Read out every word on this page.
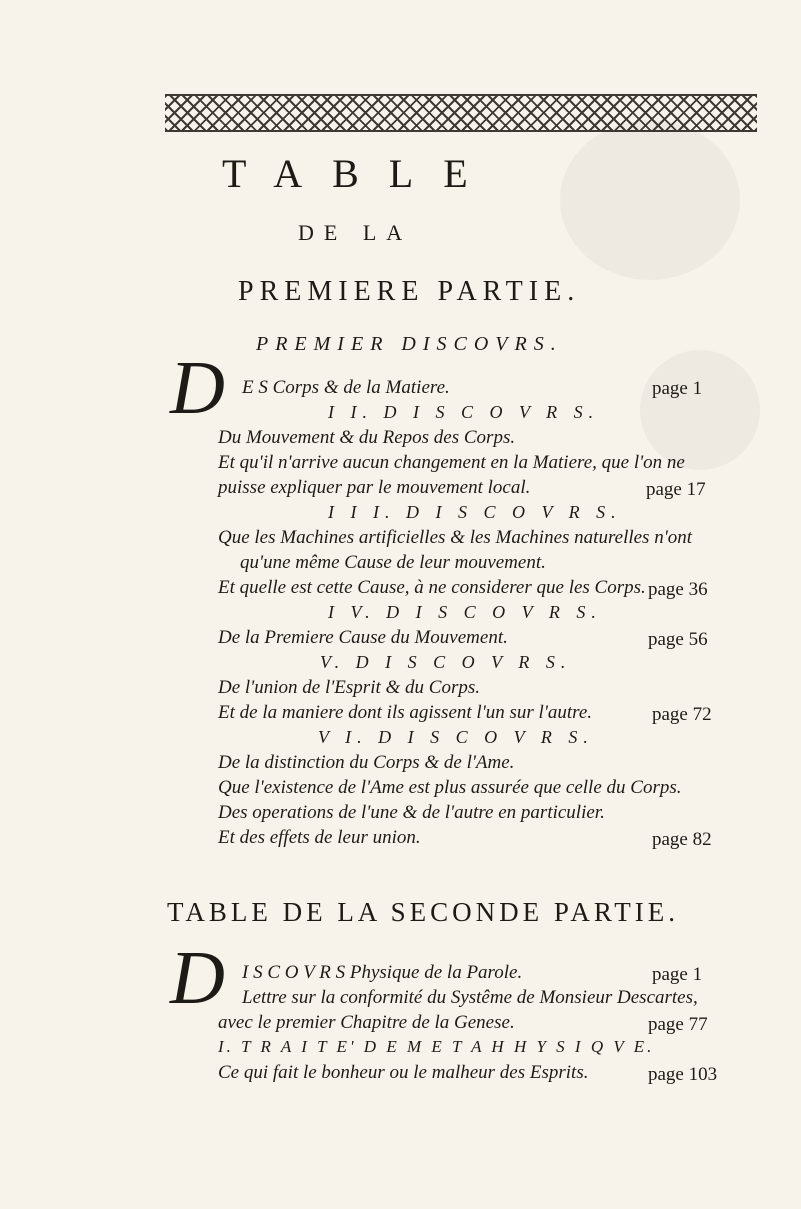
TABLE
DE LA
PREMIERE PARTIE.
PREMIER DISCOVRS.
D E S Corps & de la Matiere.	page 1
I I. D I S C O V R S.
Du Mouvement & du Repos des Corps.
Et qu'il n'arrive aucun changement en la Matiere, que l'on ne
puisse expliquer par le mouvement local.	page 17
I I I. D I S C O V R S.
Que les Machines artificielles & les Machines naturelles n'ont
qu'une même Cause de leur mouvement.
Et quelle est cette Cause, à ne considerer que les Corps. page 36
I V. D I S C O V R S.
De la Premiere Cause du Mouvement.	page 56
V. D I S C O V R S.
De l'union de l'Esprit & du Corps.
Et de la maniere dont ils agissent l'un sur l'autre.	page 72
V I. D I S C O V R S.
De la distinction du Corps & de l'Ame.
Que l'existence de l'Ame est plus assurée que celle du Corps.
Des operations de l'une & de l'autre en particulier.
Et des effets de leur union.	page 82
TABLE DE LA SECONDE PARTIE.
D I S C O V R S Physique de la Parole.	page 1
Lettre sur la conformité du Systême de Monsieur Descartes,
avec le premier Chapitre de la Genese.	page 77
I. T R A I T E' D E M E T A H H Y S I Q V E.
Ce qui fait le bonheur ou le malheur des Esprits.	page 103
